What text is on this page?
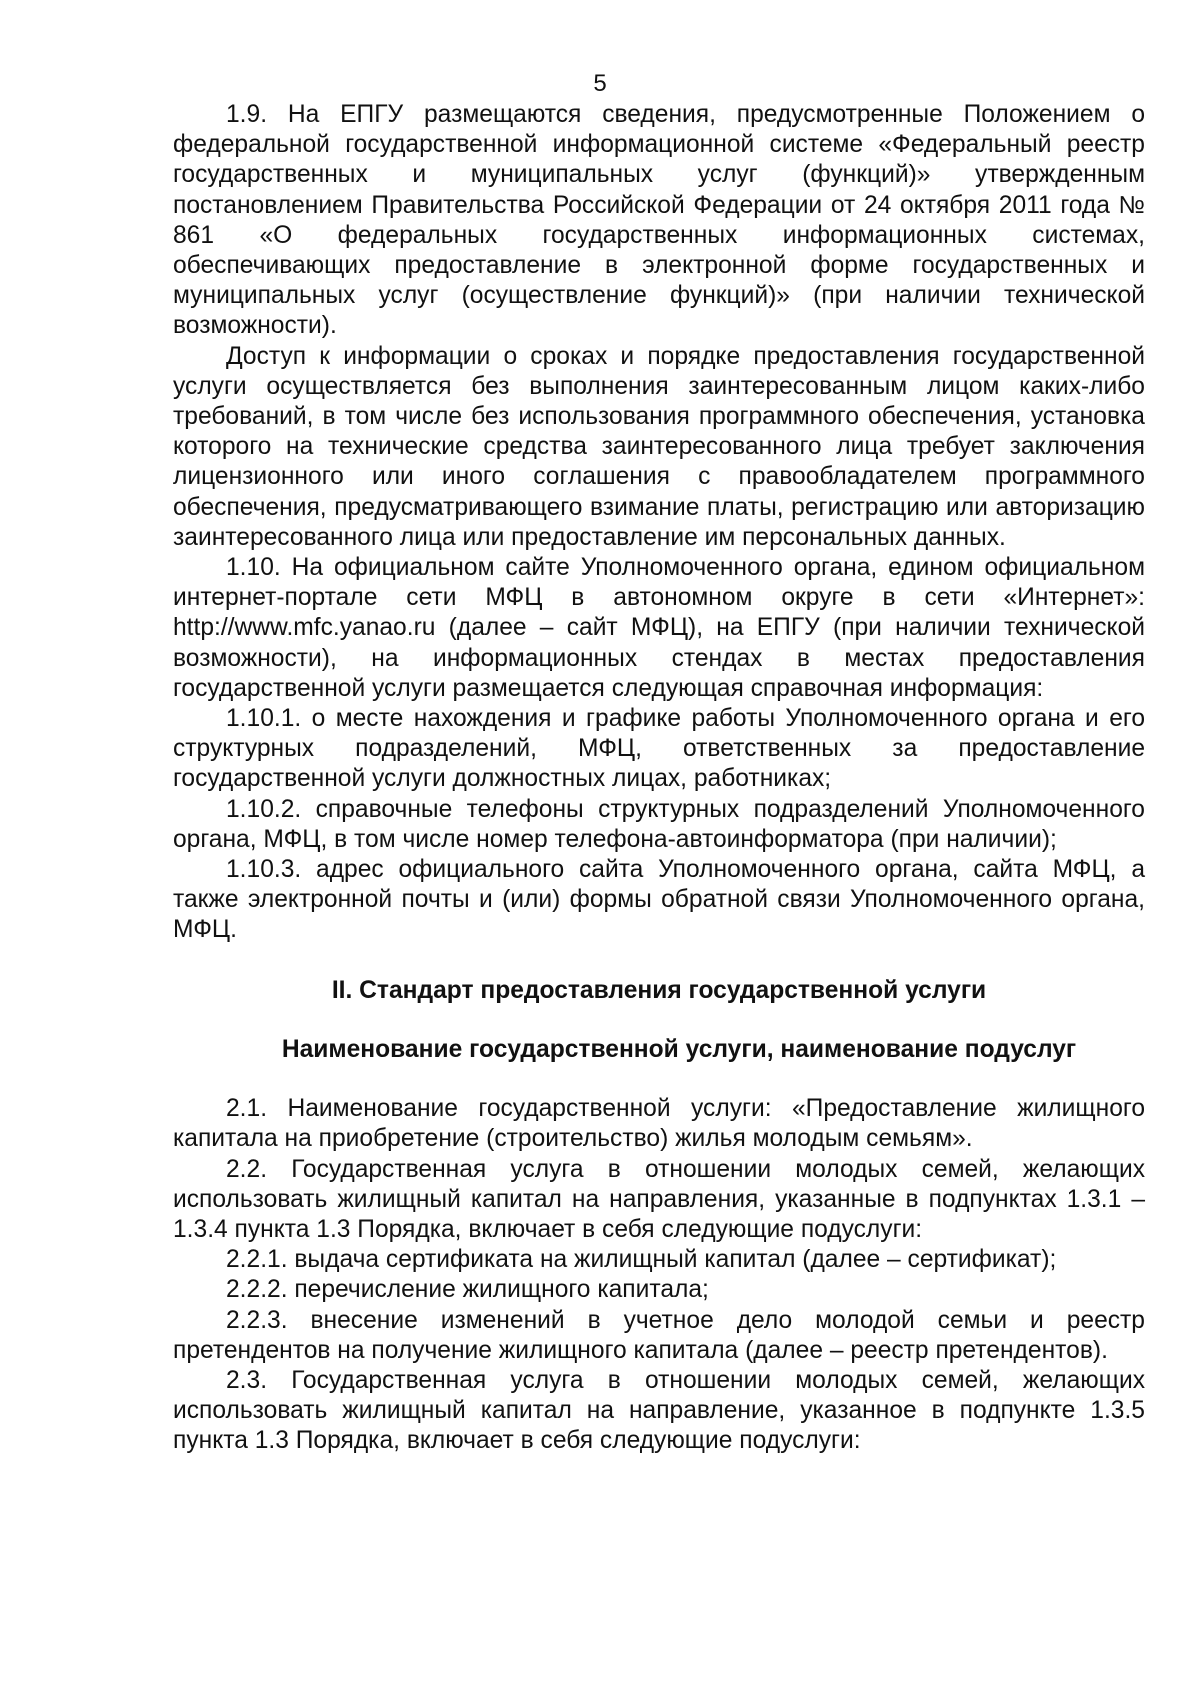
5

1.9. На ЕПГУ размещаются сведения, предусмотренные Положением о федеральной государственной информационной системе «Федеральный реестр государственных и муниципальных услуг (функций)» утвержденным постановлением Правительства Российской Федерации от 24 октября 2011 года № 861 «О федеральных государственных информационных системах, обеспечивающих предоставление в электронной форме государственных и муниципальных услуг (осуществление функций)» (при наличии технической возможности).

Доступ к информации о сроках и порядке предоставления государственной услуги осуществляется без выполнения заинтересованным лицом каких-либо требований, в том числе без использования программного обеспечения, установка которого на технические средства заинтересованного лица требует заключения лицензионного или иного соглашения с правообладателем программного обеспечения, предусматривающего взимание платы, регистрацию или авторизацию заинтересованного лица или предоставление им персональных данных.

1.10. На официальном сайте Уполномоченного органа, едином официальном интернет-портале сети МФЦ в автономном округе в сети «Интернет»: http://www.mfc.yanao.ru (далее – сайт МФЦ), на ЕПГУ (при наличии технической возможности), на информационных стендах в местах предоставления государственной услуги размещается следующая справочная информация:

1.10.1. о месте нахождения и графике работы Уполномоченного органа и его структурных подразделений, МФЦ, ответственных за предоставление государственной услуги должностных лицах, работниках;

1.10.2. справочные телефоны структурных подразделений Уполномоченного органа, МФЦ, в том числе номер телефона-автоинформатора (при наличии);

1.10.3. адрес официального сайта Уполномоченного органа, сайта МФЦ, а также электронной почты и (или) формы обратной связи Уполномоченного органа, МФЦ.

II. Стандарт предоставления государственной услуги
Наименование государственной услуги, наименование подуслуг

2.1. Наименование государственной услуги: «Предоставление жилищного капитала на приобретение (строительство) жилья молодым семьям».

2.2. Государственная услуга в отношении молодых семей, желающих использовать жилищный капитал на направления, указанные в подпунктах 1.3.1 – 1.3.4 пункта 1.3 Порядка, включает в себя следующие подуслуги:

2.2.1. выдача сертификата на жилищный капитал (далее – сертификат);

2.2.2. перечисление жилищного капитала;

2.2.3. внесение изменений в учетное дело молодой семьи и реестр претендентов на получение жилищного капитала (далее – реестр претендентов).

2.3. Государственная услуга в отношении молодых семей, желающих использовать жилищный капитал на направление, указанное в подпункте 1.3.5 пункта 1.3 Порядка, включает в себя следующие подуслуги:
